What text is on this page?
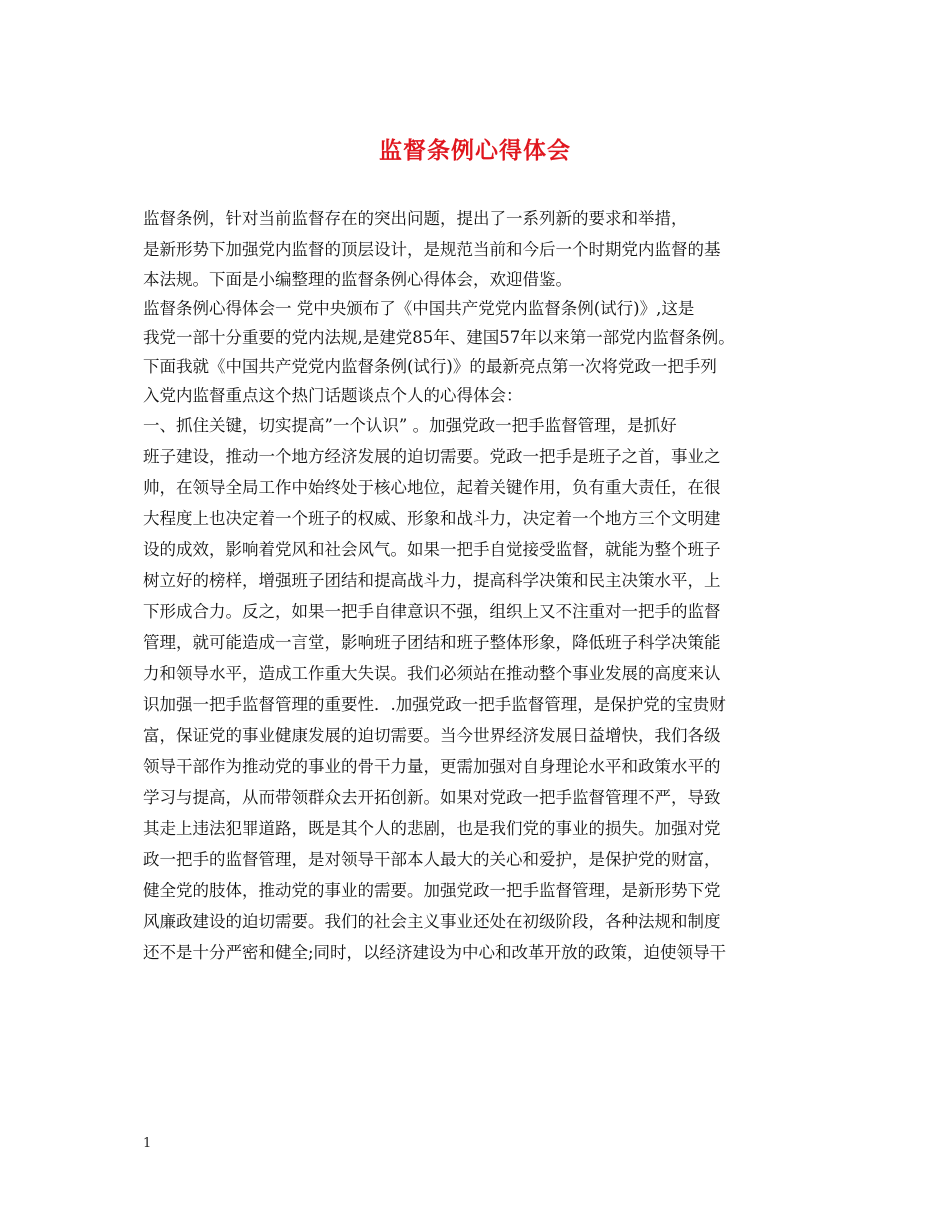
监督条例心得体会
监督条例，针对当前监督存在的突出问题，提出了一系列新的要求和举措，
是新形势下加强党内监督的顶层设计，是规范当前和今后一个时期党内监督的基
本法规。下面是小编整理的监督条例心得体会，欢迎借鉴。
监督条例心得体会一 党中央颁布了《中国共产党党内监督条例(试行)》,这是
我党一部十分重要的党内法规,是建党85年、建国57年以来第一部党内监督条例。
下面我就《中国共产党党内监督条例(试行)》的最新亮点第一次将党政一把手列
入党内监督重点这个热门话题谈点个人的心得体会：
一、抓住关键，切实提高”一个认识” 。加强党政一把手监督管理，是抓好
班子建设，推动一个地方经济发展的迫切需要。党政一把手是班子之首，事业之
帅，在领导全局工作中始终处于核心地位，起着关键作用，负有重大责任，在很
大程度上也决定着一个班子的权威、形象和战斗力，决定着一个地方三个文明建
设的成效，影响着党风和社会风气。如果一把手自觉接受监督，就能为整个班子
树立好的榜样，增强班子团结和提高战斗力，提高科学决策和民主决策水平，上
下形成合力。反之，如果一把手自律意识不强，组织上又不注重对一把手的监督
管理，就可能造成一言堂，影响班子团结和班子整体形象，降低班子科学决策能
力和领导水平，造成工作重大失误。我们必须站在推动整个事业发展的高度来认
识加强一把手监督管理的重要性．.加强党政一把手监督管理，是保护党的宝贵财
富，保证党的事业健康发展的迫切需要。当今世界经济发展日益增快，我们各级
领导干部作为推动党的事业的骨干力量，更需加强对自身理论水平和政策水平的
学习与提高，从而带领群众去开拓创新。如果对党政一把手监督管理不严，导致
其走上违法犯罪道路，既是其个人的悲剧，也是我们党的事业的损失。加强对党
政一把手的监督管理，是对领导干部本人最大的关心和爱护，是保护党的财富，
健全党的肢体，推动党的事业的需要。加强党政一把手监督管理，是新形势下党
风廉政建设的迫切需要。我们的社会主义事业还处在初级阶段，各种法规和制度
还不是十分严密和健全;同时，以经济建设为中心和改革开放的政策，迫使领导干
1
